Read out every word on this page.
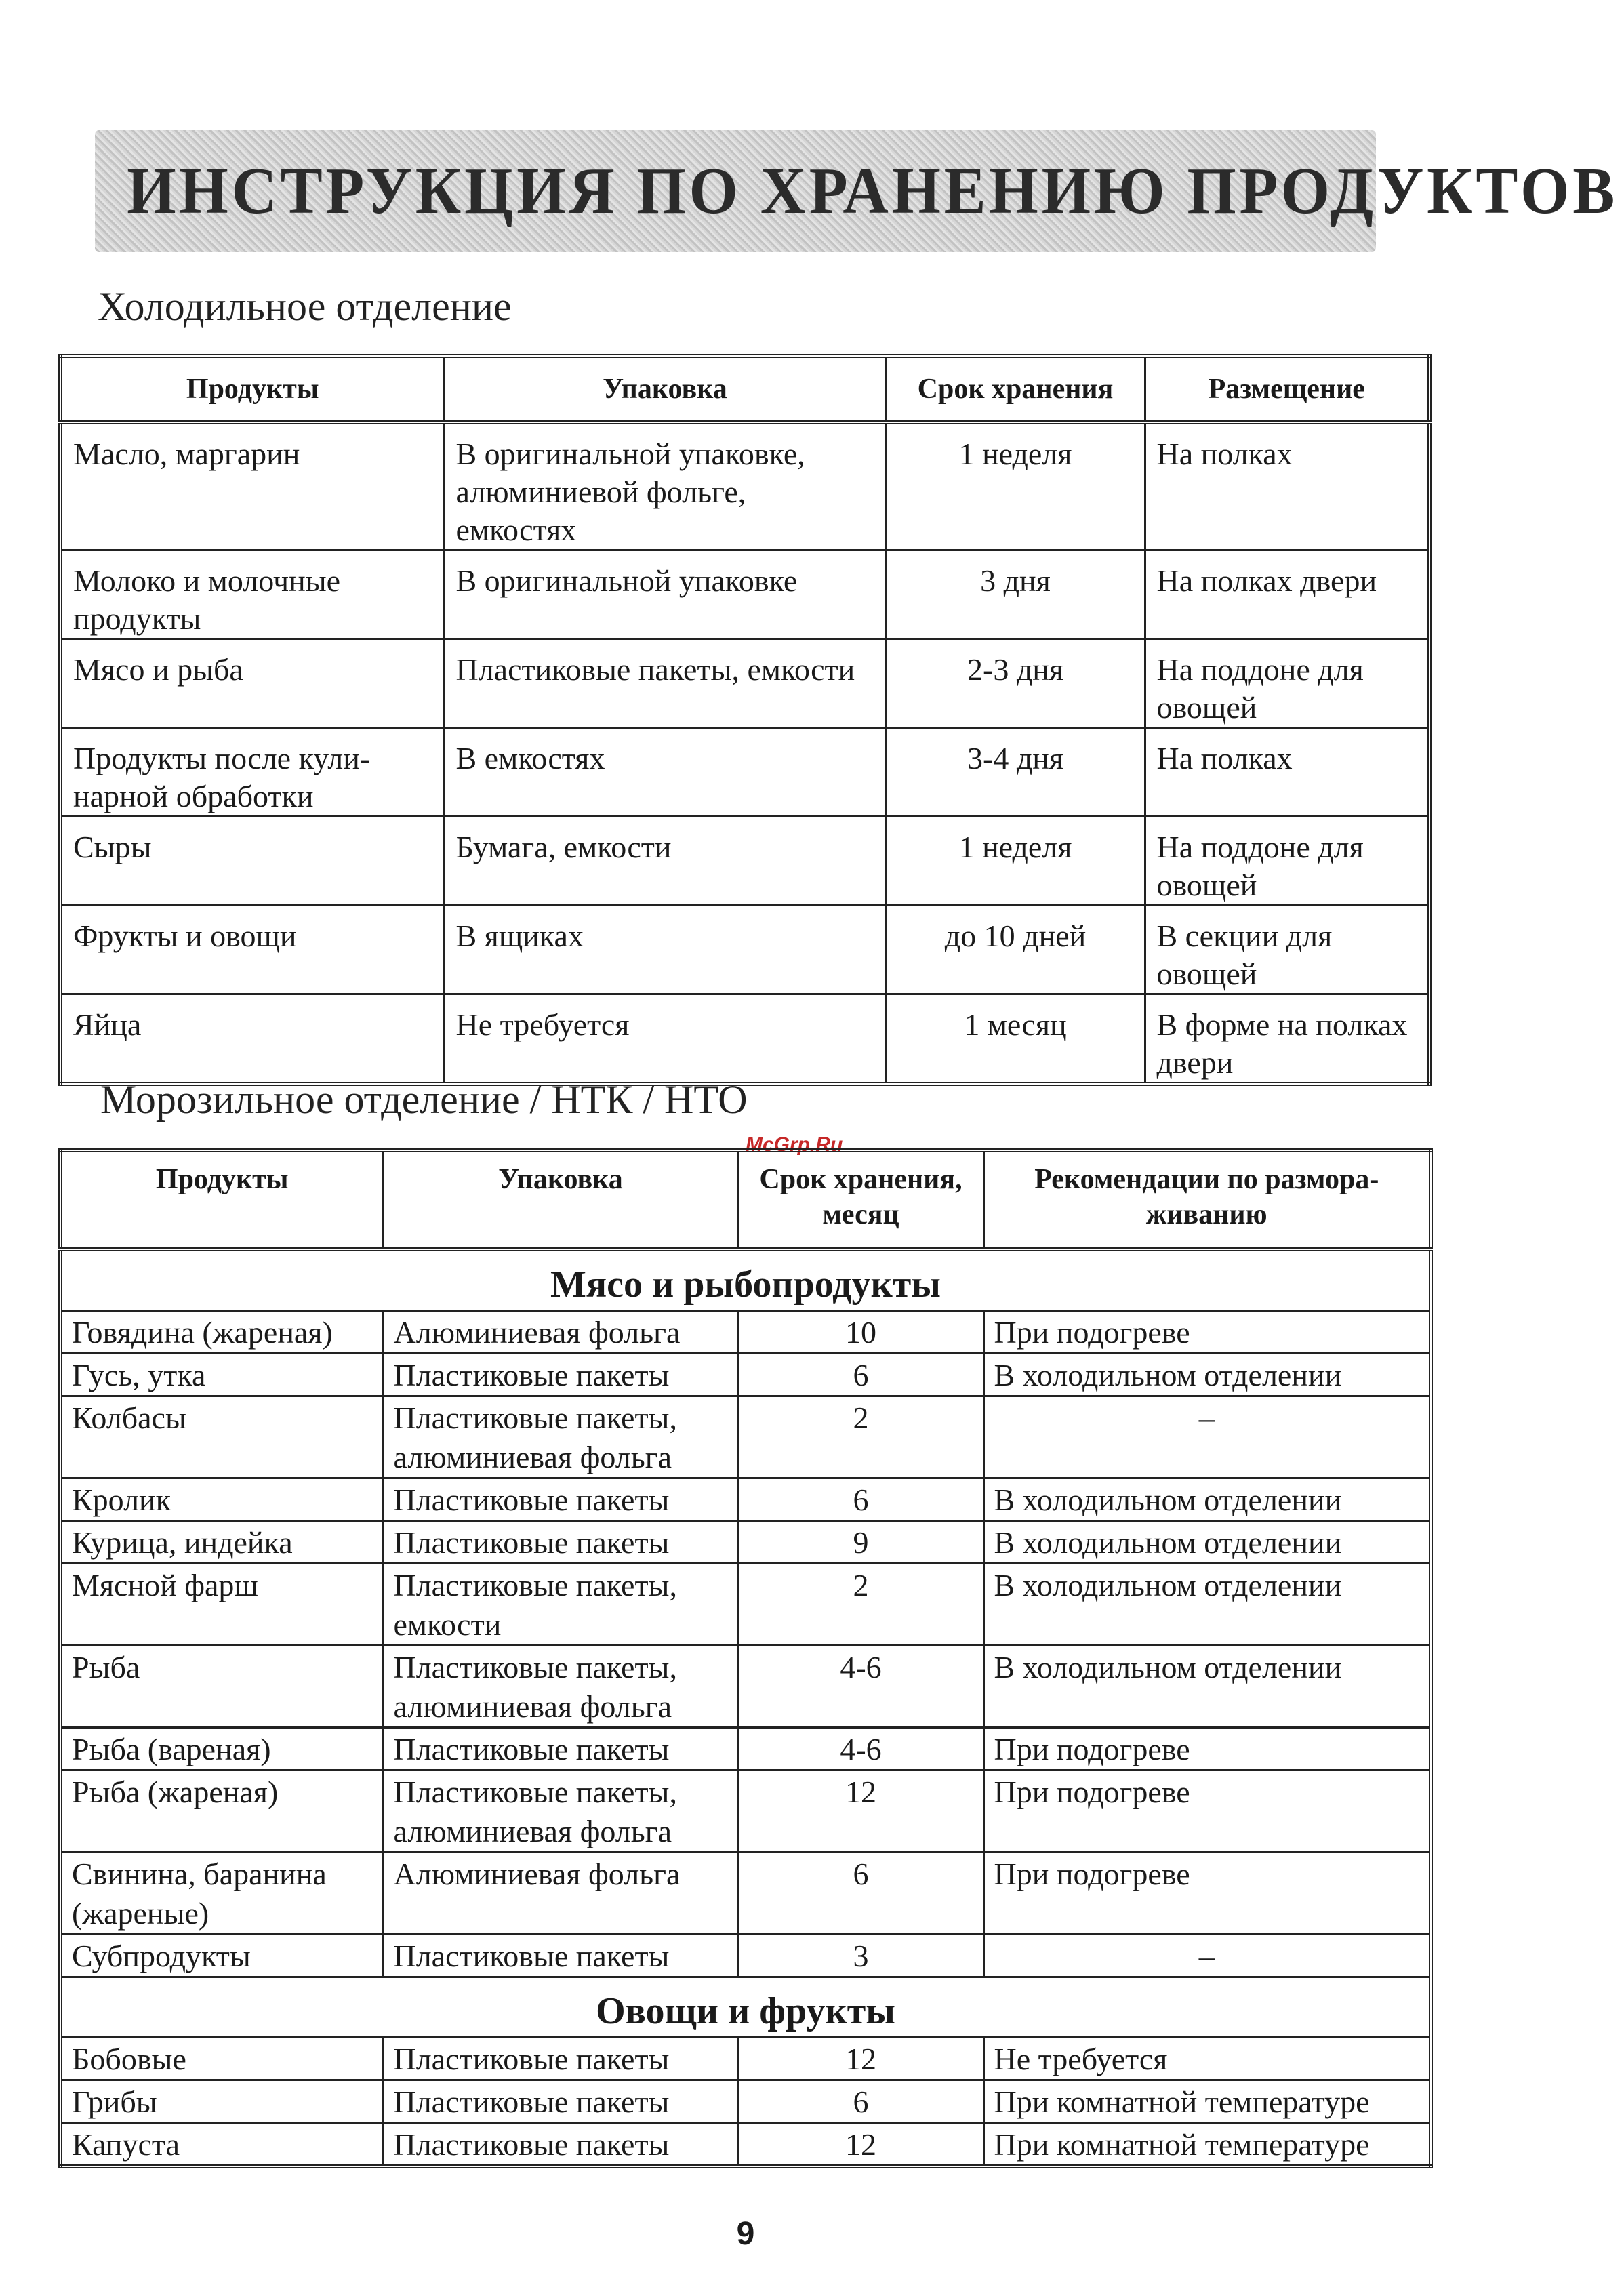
ИНСТРУКЦИЯ ПО ХРАНЕНИЮ ПРОДУКТОВ
Холодильное отделение
Продукты	Упаковка	Срок хранения	Размещение
Масло, маргарин	В оригинальной упаковке, алюминиевой фольге, емкостях	1 неделя	На полках
Молоко и молочные продукты	В оригинальной упаковке	3 дня	На полках двери
Мясо и рыба	Пластиковые пакеты, емкости	2-3 дня	На поддоне для овощей
Продукты после кули-нарной обработки	В емкостях	3-4 дня	На полках
Сыры	Бумага, емкости	1 неделя	На поддоне для овощей
Фрукты и овощи	В ящиках	до 10 дней	В секции для овощей
Яйца	Не требуется	1 месяц	В форме на полках двери
Морозильное отделение / НТК / НТО
McGrp.Ru
Продукты	Упаковка	Срок хранения, месяц	Рекомендации по размора-живанию
Мясо и рыбопродукты			
Говядина (жареная)	Алюминиевая фольга	10	При подогреве
Гусь, утка	Пластиковые пакеты	6	В холодильном отделении
Колбасы	Пластиковые пакеты, алюминиевая фольга	2	–
Кролик	Пластиковые пакеты	6	В холодильном отделении
Курица, индейка	Пластиковые пакеты	9	В холодильном отделении
Мясной фарш	Пластиковые пакеты, емкости	2	В холодильном отделении
Рыба	Пластиковые пакеты, алюминиевая фольга	4-6	В холодильном отделении
Рыба (вареная)	Пластиковые пакеты	4-6	При подогреве
Рыба (жареная)	Пластиковые пакеты, алюминиевая фольга	12	При подогреве
Свинина, баранина (жареные)	Алюминиевая фольга	6	При подогреве
Субпродукты	Пластиковые пакеты	3	–
Овощи и фрукты			
Бобовые	Пластиковые пакеты	12	Не требуется
Грибы	Пластиковые пакеты	6	При комнатной температуре
Капуста	Пластиковые пакеты	12	При комнатной температуре
9
